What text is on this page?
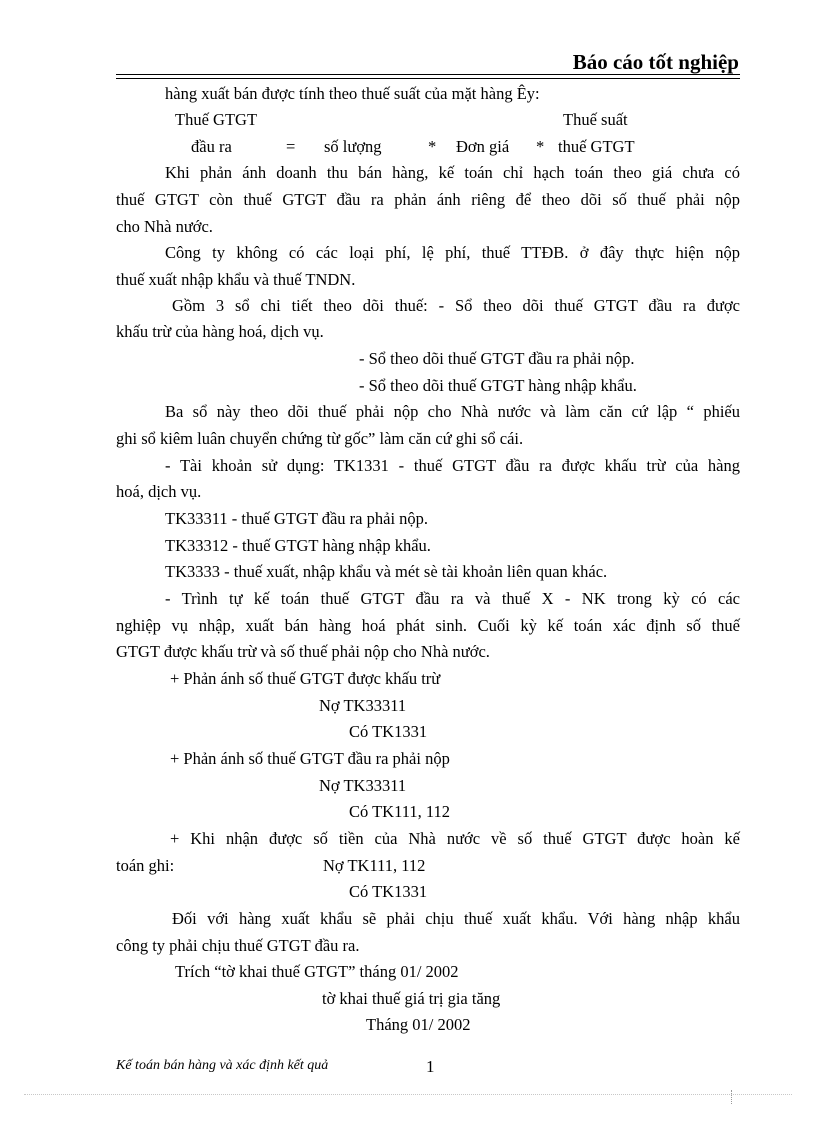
Báo cáo tốt nghiệp
hàng xuất bán được tính theo thuế suất của mặt hàng Êy:
Thuế GTGT	Thuế suất
đầu ra	= số lượng	* Đơn giá * thuế GTGT
Khi phản ánh doanh thu bán hàng, kế toán chỉ hạch toán theo giá chưa có
thuế GTGT còn thuế GTGT đầu ra phản ánh riêng để theo dõi số thuế phải nộp
cho Nhà nước.
Công ty không có các loại phí, lệ phí, thuế TTĐB. ở đây thực hiện nộp
thuế xuất nhập khẩu và thuế TNDN.
Gồm 3 sổ chi tiết theo dõi thuế: - Sổ theo dõi thuế GTGT đầu ra được
khấu trừ của hàng hoá, dịch vụ.
- Sổ theo dõi thuế GTGT đầu ra phải nộp.
- Sổ theo dõi thuế GTGT hàng nhập khẩu.
Ba sổ này theo dõi thuế phải nộp cho Nhà nước và làm căn cứ lập “ phiếu
ghi sổ kiêm luân chuyển chứng từ gốc” làm căn cứ ghi sổ cái.
- Tài khoản sử dụng: TK1331 - thuế GTGT đầu ra được khấu trừ của hàng
hoá, dịch vụ.
TK33311 - thuế GTGT đầu ra phải nộp.
TK33312 - thuế GTGT hàng nhập khẩu.
TK3333 - thuế xuất, nhập khẩu và mét sè tài khoản liên quan khác.
- Trình tự kế toán thuế GTGT đầu ra và thuế X - NK trong kỳ có các
nghiệp vụ nhập, xuất bán hàng hoá phát sinh. Cuối kỳ kế toán xác định số thuế
GTGT được khấu trừ và số thuế phải nộp cho Nhà nước.
+ Phản ánh số thuế GTGT được khấu trừ
Nợ TK33311
Có TK1331
+ Phản ánh số thuế GTGT đầu ra phải nộp
Nợ TK33311
Có TK111, 112
+ Khi nhận được số tiền của Nhà nước về số thuế GTGT được hoàn kế
toán ghi:	Nợ TK111, 112
Có TK1331
Đối với hàng xuất khẩu sẽ phải chịu thuế xuất khẩu. Với hàng nhập khẩu
công ty phải chịu thuế GTGT đầu ra.
Trích “tờ khai thuế GTGT” tháng 01/ 2002
tờ khai thuế giá trị gia tăng
Tháng 01/ 2002
Kế toán bán hàng và xác định kết quả	1
